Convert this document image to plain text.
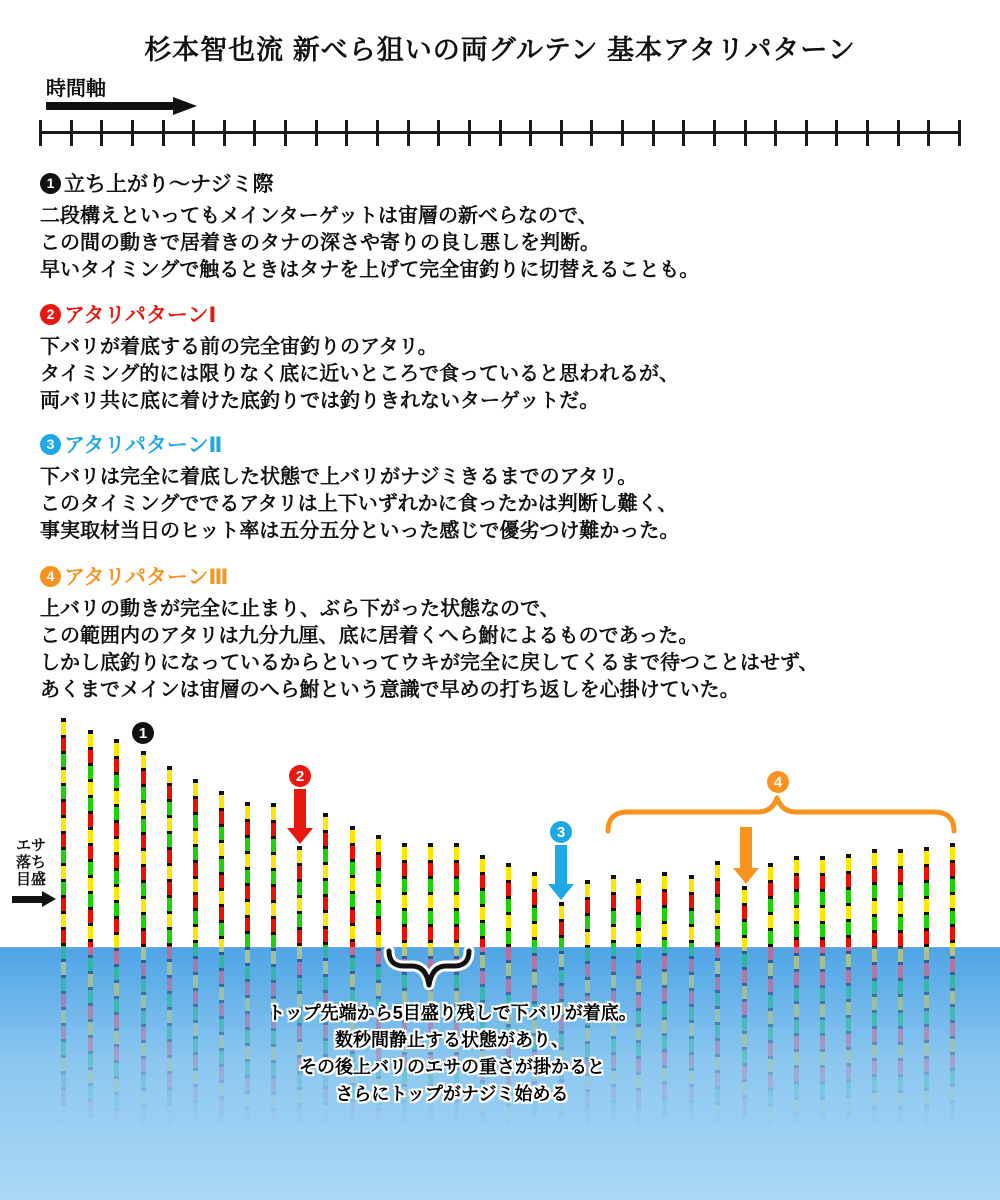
杉本智也流 新べら狙いの両グルテン 基本アタリパターン
時間軸
1 立ち上がり〜ナジミ際
二段構えといってもメインターゲットは宙層の新べらなので、
この間の動きで居着きのタナの深さや寄りの良し悪しを判断。
早いタイミングで触るときはタナを上げて完全宙釣りに切替えることも。
2 アタリパターンⅠ
下バリが着底する前の完全宙釣りのアタリ。
タイミング的には限りなく底に近いところで食っていると思われるが、
両バリ共に底に着けた底釣りでは釣りきれないターゲットだ。
3 アタリパターンⅡ
下バリは完全に着底した状態で上バリがナジミきるまでのアタリ。
このタイミングででるアタリは上下いずれかに食ったかは判断し難く、
事実取材当日のヒット率は五分五分といった感じで優劣つけ難かった。
4 アタリパターンⅢ
上バリの動きが完全に止まり、ぶら下がった状態なので、
この範囲内のアタリは九分九厘、底に居着くへら鮒によるものであった。
しかし底釣りになっているからといってウキが完全に戻してくるまで待つことはせず、
あくまでメインは宙層のへら鮒という意識で早めの打ち返しを心掛けていた。
エサ
落ち
目盛
1
2
3
4
トップ先端から5目盛り残しで下バリが着底。
数秒間静止する状態があり、
その後上バリのエサの重さが掛かると
さらにトップがナジミ始める
